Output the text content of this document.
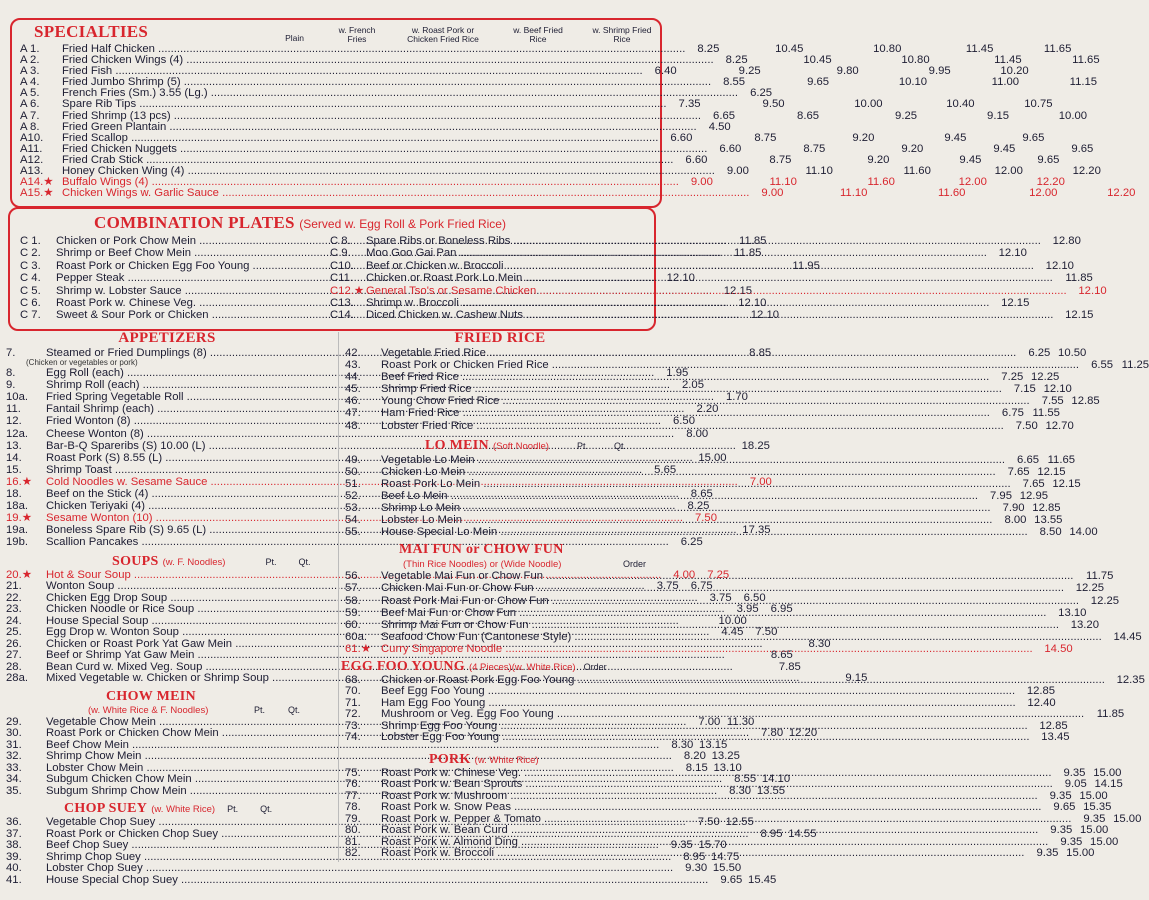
SPECIALTIES	Plain
w. French Fries
w. Roast Pork or Chicken Fried Rice
w. Beef Fried Rice
w. Shrimp Fried Rice
A 1.	Fried Half Chicken .....	8.25	10.45	10.80	11.45	11.65
A 2.	Fried Chicken Wings (4) .....	8.25	10.45	10.80	11.45	11.65
A 3.	Fried Fish .....	6.40	9.25	9.80	9.95	10.20
A 4.	Fried Jumbo Shrimp (5) .....	8.55	9.65	10.10	11.00	11.15
A 5.	French Fries (Sm.) 3.55 (Lg.) .....	6.25
A 6.	Spare Rib Tips .....	7.35	9.50	10.00	10.40	10.75
A 7.	Fried Shrimp (13 pcs) .....	6.65	8.65	9.25	9.15	10.00
A 8.	Fried Green Plantain .....	4.50
A10.	Fried Scallop .....	6.60	8.75	9.20	9.45	9.65
A11.	Fried Chicken Nuggets .....	6.60	8.75	9.20	9.45	9.65
A12.	Fried Crab Stick .....	6.60	8.75	9.20	9.45	9.65
A13.	Honey Chicken Wing (4) .....	9.00	11.10	11.60	12.00	12.20
A14.★ Buffalo Wings (4) .....	9.00	11.10	11.60	12.00	12.20
A15.★ Chicken Wings w. Garlic Sauce .....	9.00	11.10	11.60	12.00	12.20
COMBINATION PLATES (Served w. Egg Roll & Pork Fried Rice)
C 1.	Chicken or Pork Chow Mein .....	11.85
C 2.	Shrimp or Beef Chow Mein .....	11.85
C 3.	Roast Pork or Chicken Egg Foo Young .....	11.95
C 4.	Pepper Steak .....	12.10
C 5.	Shrimp w. Lobster Sauce .....	12.15
C 6.	Roast Pork w. Chinese Veg. .....	12.10
C 7.	Sweet & Sour Pork or Chicken .....	12.10
C 8.	Spare Ribs or Boneless Ribs .....	12.80
C 9.	Moo Goo Gai Pan .....	12.10
C10.	Beef or Chicken w. Broccoli .....	12.10
C11.	Chicken or Roast Pork Lo Mein .....	11.85
C12.★ General Tso's or Sesame Chicken .....	12.10
C13.	Shrimp w. Broccoli .....	12.15
C14.	Diced Chicken w. Cashew Nuts .....	12.15
APPETIZERS
7.	Steamed or Fried Dumplings (8) .....	8.85
(Chicken or vegetables or pork)
8.	Egg Roll (each) .....	1.95
9.	Shrimp Roll (each) .....	2.05
10a.	Fried Spring Vegetable Roll .....	1.70
11.	Fantail Shrimp (each) .....	2.20
12.	Fried Wonton (8) .....	6.50
12a.	Cheese Wonton (8) .....	8.00
13.	Bar-B-Q Spareribs (S) 10.00 (L) .....	18.25
14.	Roast Pork (S) 8.55 (L) .....	15.00
15.	Shrimp Toast .....	5.65
16.★	Cold Noodles w. Sesame Sauce .....	7.00
18.	Beef on the Stick (4) .....	8.65
18a.	Chicken Teriyaki (4) .....	8.25
19.★	Sesame Wonton (10) .....	7.50
19a.	Boneless Spare Rib (S) 9.65 (L) .....	17.35
19b.	Scallion Pancakes .....	6.25
SOUPS (w. F. Noodles)	Pt. Qt.
20.★	Hot & Sour Soup .....	4.00	7.25
21.	Wonton Soup .....	3.75	6.75
22.	Chicken Egg Drop Soup .....	3.75	6.50
23.	Chicken Noodle or Rice Soup .....	3.95	6.95
24.	House Special Soup .....	10.00
25.	Egg Drop w. Wonton Soup .....	4.45	7.50
26.	Chicken or Roast Pork Yat Gaw Mein .....	8.30
27.	Beef or Shrimp Yat Gaw Mein .....	8.65
28.	Bean Curd w. Mixed Veg. Soup .....	7.85
28a.	Mixed Vegetable w. Chicken or Shrimp Soup .....	9.15
CHOW MEIN
(w. White Rice & F. Noodles)	Pt.	Qt.
29.	Vegetable Chow Mein .....	7.00 11.30
30.	Roast Pork or Chicken Chow Mein .....	7.80 12.20
31.	Beef Chow Mein .....	8.30 13.15
32.	Shrimp Chow Mein .....	8.20 13.25
33.	Lobster Chow Mein .....	8.15 13.10
34.	Subgum Chicken Chow Mein .....	8.55 14.10
35.	Subgum Shrimp Chow Mein .....	8.30 13.55
CHOP SUEY (w. White Rice) Pt. Qt.
36.	Vegetable Chop Suey .....	7.50 12.55
37.	Roast Pork or Chicken Chop Suey .....	8.95 14.55
38.	Beef Chop Suey .....	9.35 15.70
39.	Shrimp Chop Suey .....	8.95 14.75
40.	Lobster Chop Suey .....	9.30 15.50
41.	House Special Chop Suey .....	9.65 15.45
FRIED RICE
42.	Vegetable Fried Rice .....	6.25 10.50
43.	Roast Pork or Chicken Fried Rice .....	6.55 11.25
44.	Beef Fried Rice .....	7.25 12.25
45.	Shrimp Fried Rice .....	7.15 12.10
46.	Young Chow Fried Rice .....	7.55 12.85
47.	Ham Fried Rice .....	6.75 11.55
48.	Lobster Fried Rice .....	7.50 12.70
LO MEIN (Soft Noodle)	Pt.	Qt.
49.	Vegetable Lo Mein .....	6.65 11.65
50.	Chicken Lo Mein .....	7.65 12.15
51.	Roast Pork Lo Mein .....	7.65 12.15
52.	Beef Lo Mein .....	7.95 12.95
53.	Shrimp Lo Mein .....	7.90 12.85
54.	Lobster Lo Mein .....	8.00 13.55
55.	House Special Lo Mein .....	8.50 14.00
MAI FUN or CHOW FUN
(Thin Rice Noodles) or (Wide Noodle)	Order
56.	Vegetable Mai Fun or Chow Fun .....	11.75
57.	Chicken Mai Fun or Chow Fun .....	12.25
58.	Roast Pork Mai Fun or Chow Fun .....	12.25
59.	Beef Mai Fun or Chow Fun .....	13.10
60.	Shrimp Mai Fun or Chow Fun .....	13.20
60a.	Seafood Chow Fun (Cantonese Style) .....	14.45
61.★ Curry Singapore Noodle .....	14.50
EGG FOO YOUNG (4 Pieces)(w. White Rice) Order
68.	Chicken or Roast Pork Egg Foo Young .....	12.35
70.	Beef Egg Foo Young .....	12.85
71.	Ham Egg Foo Young .....	12.40
72.	Mushroom or Veg. Egg Foo Young .....	11.85
73.	Shrimp Egg Foo Young .....	12.85
74.	Lobster Egg Foo Young .....	13.45
PORK (w. White Rice)
75.	Roast Pork w. Chinese Veg. .....	9.35 15.00
76.	Roast Pork w. Bean Sprouts .....	9.05 14.15
77.	Roast Pork w. Mushroom .....	9.35 15.00
78.	Roast Pork w. Snow Peas .....	9.65 15.35
79.	Roast Pork w. Pepper & Tomato .....	9.35 15.00
80.	Roast Pork w. Bean Curd .....	9.35 15.00
81.	Roast Pork w. Almond Ding .....	9.35 15.00
82.	Roast Pork w. Broccoli .....	9.35 15.00
